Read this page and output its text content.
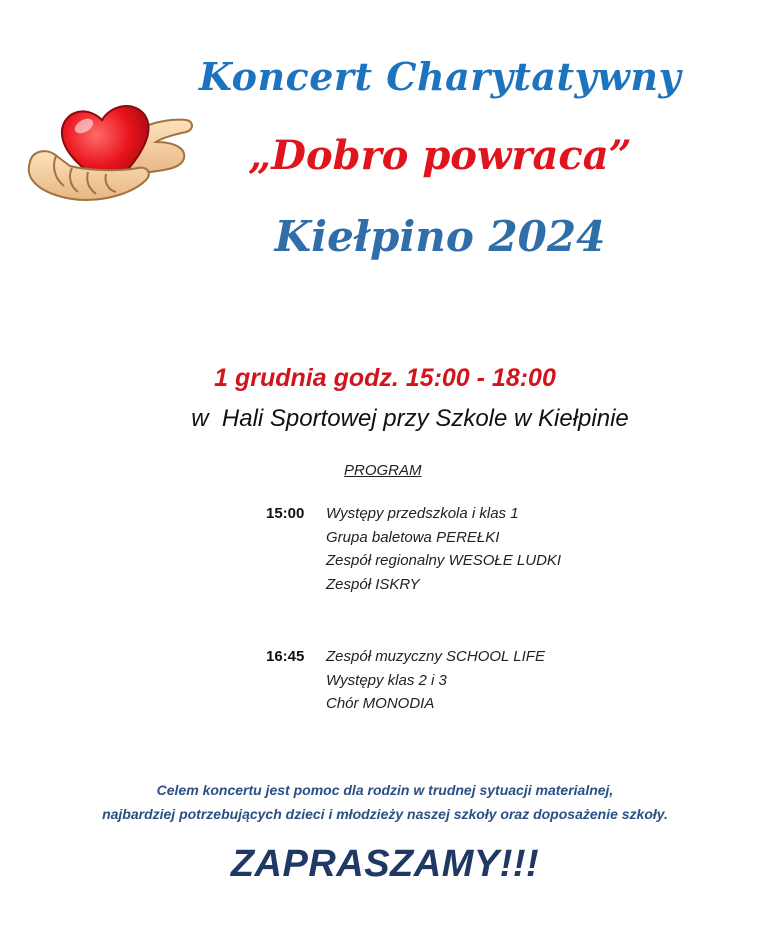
Koncert Charytatywny
„Dobro powraca”
Kiełpino 2024
1 grudnia godz. 15:00 - 18:00
w  Hali Sportowej przy Szkole w Kiełpinie
PROGRAM
15:00 Występy przedszkola i klas 1
Grupa baletowa PEREŁKI
Zespół regionalny WESOŁE LUDKI
Zespół ISKRY
16:45 Zespół muzyczny SCHOOL LIFE
Występy klas 2 i 3
Chór MONODIA
Celem koncertu jest pomoc dla rodzin w trudnej sytuacji materialnej,
najbardziej potrzebujących dzieci i młodzieży naszej szkoły oraz doposażenie szkoły.
ZAPRASZAMY!!!
